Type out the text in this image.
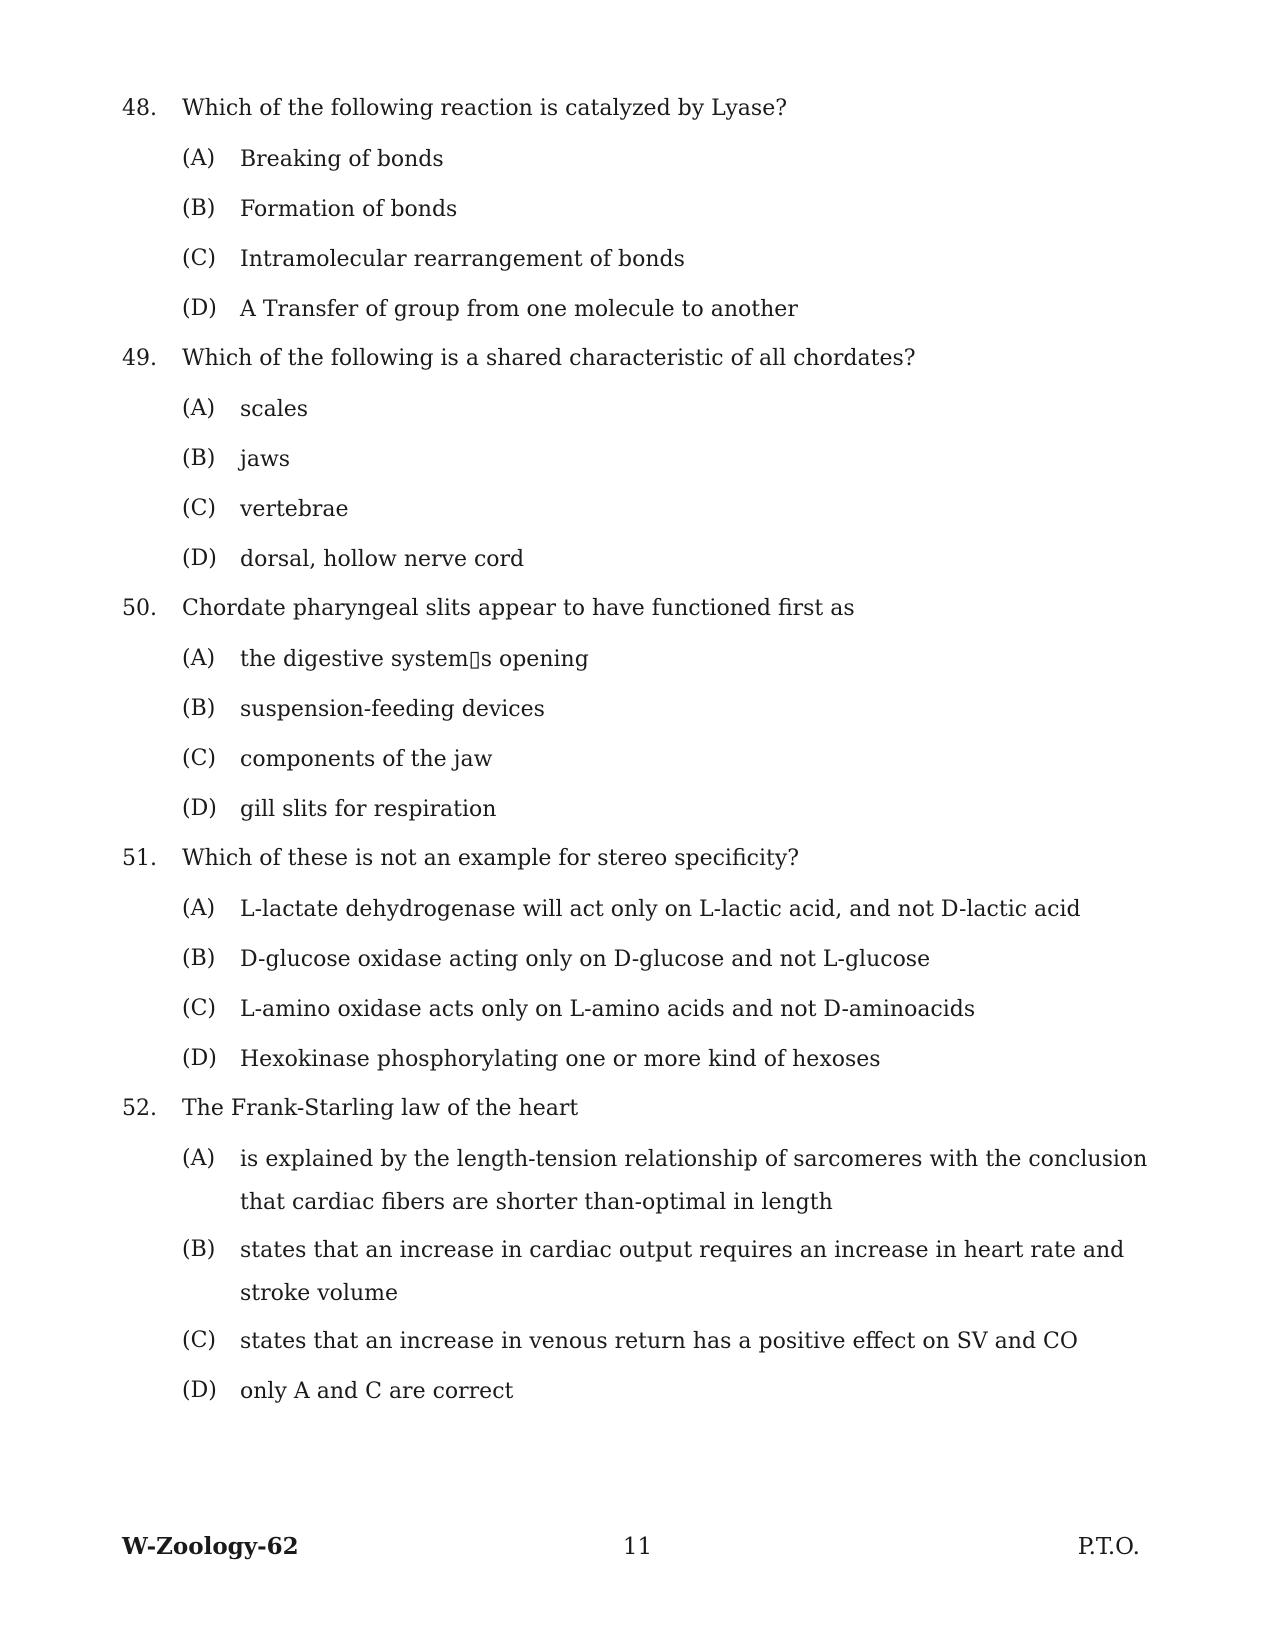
48. Which of the following reaction is catalyzed by Lyase?
(A) Breaking of bonds
(B) Formation of bonds
(C) Intramolecular rearrangement of bonds
(D) A Transfer of group from one molecule to another
49. Which of the following is a shared characteristic of all chordates?
(A) scales
(B) jaws
(C) vertebrae
(D) dorsal, hollow nerve cord
50. Chordate pharyngeal slits appear to have functioned first as
(A) the digestive system▯s opening
(B) suspension-feeding devices
(C) components of the jaw
(D) gill slits for respiration
51. Which of these is not an example for stereo specificity?
(A) L-lactate dehydrogenase will act only on L-lactic acid, and not D-lactic acid
(B) D-glucose oxidase acting only on D-glucose and not L-glucose
(C) L-amino oxidase acts only on L-amino acids and not D-aminoacids
(D) Hexokinase phosphorylating one or more kind of hexoses
52. The Frank-Starling law of the heart
(A) is explained by the length-tension relationship of sarcomeres with the conclusion that cardiac fibers are shorter than-optimal in length
(B) states that an increase in cardiac output requires an increase in heart rate and stroke volume
(C) states that an increase in venous return has a positive effect on SV and CO
(D) only A and C are correct
W-Zoology-62	11	P.T.O.
